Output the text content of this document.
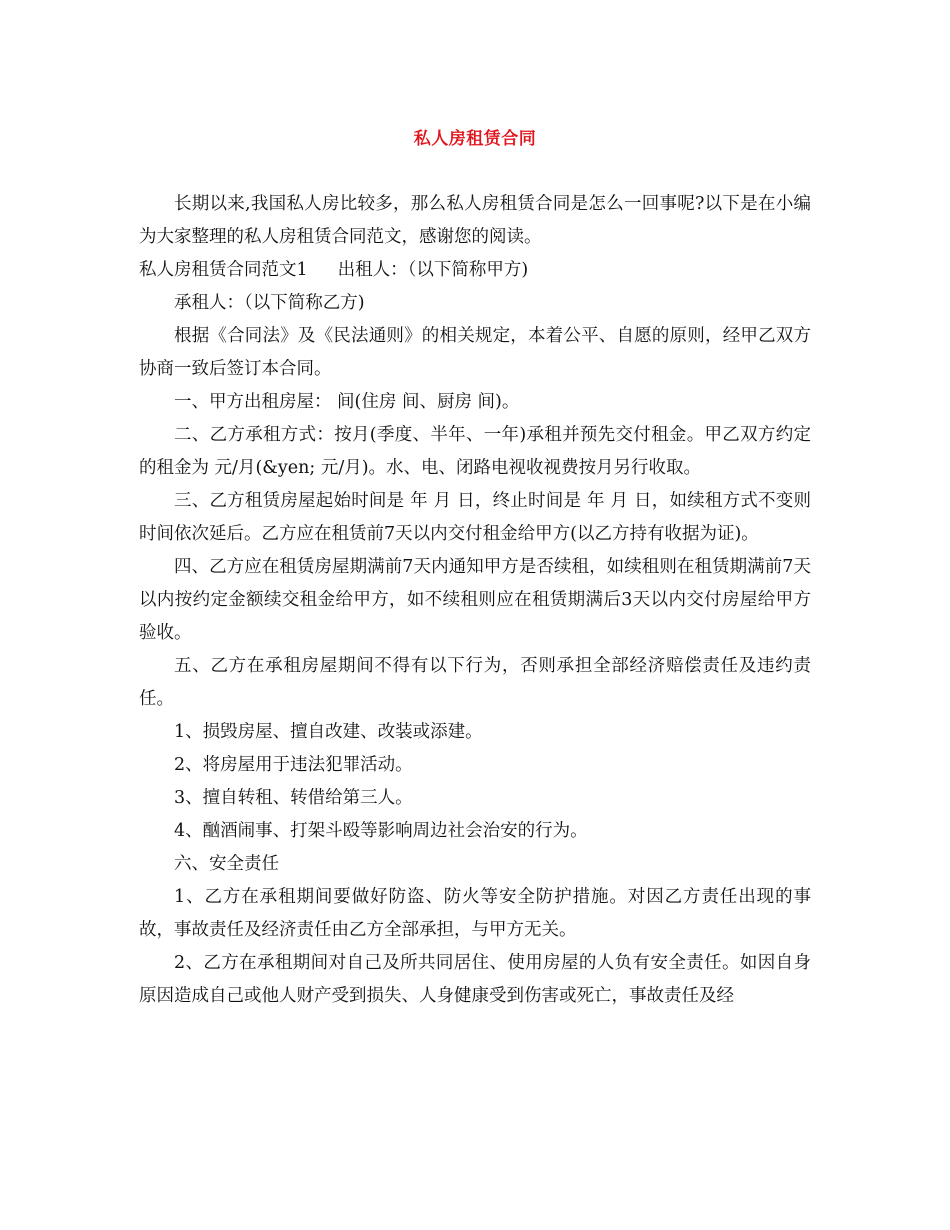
私人房租赁合同

长期以来,我国私人房比较多，那么私人房租赁合同是怎么一回事呢?以下是在小编为大家整理的私人房租赁合同范文，感谢您的阅读。

私人房租赁合同范文1 出租人：（以下简称甲方)

承租人：（以下简称乙方)

根据《合同法》及《民法通则》的相关规定，本着公平、自愿的原则，经甲乙双方协商一致后签订本合同。

一、甲方出租房屋： 间(住房 间、厨房 间)。

二、乙方承租方式：按月(季度、半年、一年)承租并预先交付租金。甲乙双方约定的租金为 元/月(&yen; 元/月)。水、电、闭路电视收视费按月另行收取。

三、乙方租赁房屋起始时间是 年 月 日，终止时间是 年 月 日，如续租方式不变则时间依次延后。乙方应在租赁前7天以内交付租金给甲方(以乙方持有收据为证)。

四、乙方应在租赁房屋期满前7天内通知甲方是否续租，如续租则在租赁期满前7天以内按约定金额续交租金给甲方，如不续租则应在租赁期满后3天以内交付房屋给甲方验收。

五、乙方在承租房屋期间不得有以下行为，否则承担全部经济赔偿责任及违约责任。

1、损毁房屋、擅自改建、改装或添建。

2、将房屋用于违法犯罪活动。

3、擅自转租、转借给第三人。

4、酗酒闹事、打架斗殴等影响周边社会治安的行为。

六、安全责任

1、乙方在承租期间要做好防盗、防火等安全防护措施。对因乙方责任出现的事故，事故责任及经济责任由乙方全部承担，与甲方无关。

2、乙方在承租期间对自己及所共同居住、使用房屋的人负有安全责任。如因自身原因造成自己或他人财产受到损失、人身健康受到伤害或死亡，事故责任及经
